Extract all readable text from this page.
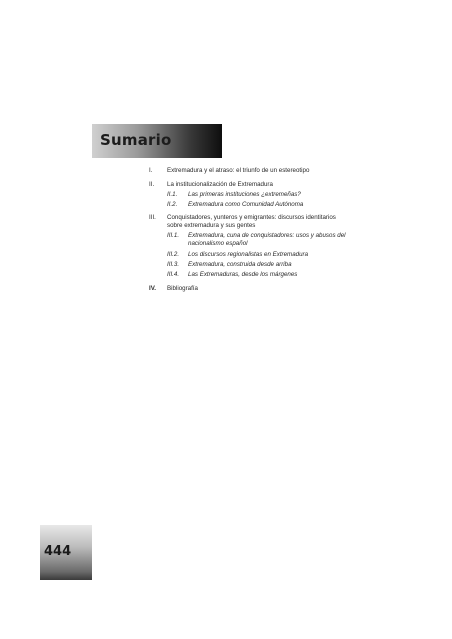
Sumario
I. Extremadura y el atraso: el triunfo de un estereotipo
II. La institucionalización de Extremadura
II.1. Las primeras instituciones ¿extremeñas?
II.2. Extremadura como Comunidad Autónoma
III. Conquistadores, yunteros y emigrantes: discursos identitarios sobre extremadura y sus gentes
III.1. Extremadura, cuna de conquistadores: usos y abusos del nacionalismo español
III.2. Los discursos regionalistas en Extremadura
III.3. Extremadura, construida desde arriba
III.4. Las Extremaduras, desde los márgenes
IV. Bibliografía
444
